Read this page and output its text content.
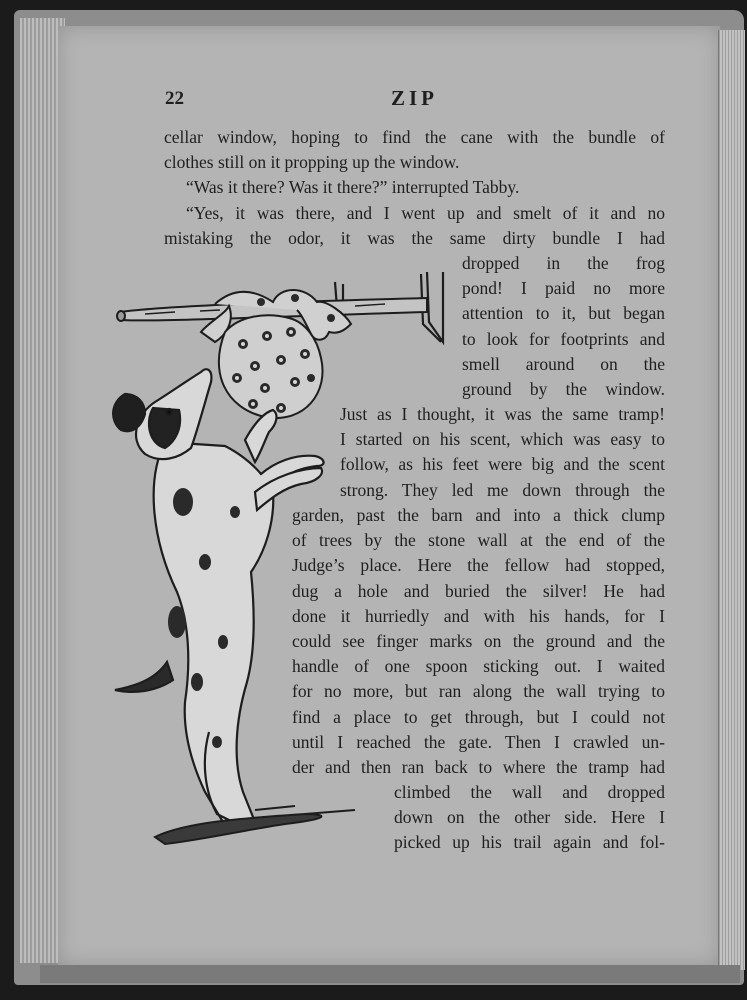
22	ZIP
cellar window, hoping to find the cane with the bundle of
clothes still on it propping up the window.
“Was it there? Was it there?” interrupted Tabby.
“Yes, it was there, and I went up and smelt of it and no
mistaking the odor, it was the same dirty bundle I had
dropped in the frog
pond! I paid no more
attention to it, but began
to look for footprints and
smell around on the
ground by the window.
Just as I thought, it was the same tramp!
I started on his scent, which was easy to
follow, as his feet were big and the scent
strong. They led me down through the
garden, past the barn and into a thick clump
of trees by the stone wall at the end of the
Judge’s place. Here the fellow had stopped,
dug a hole and buried the silver! He had
done it hurriedly and with his hands, for I
could see finger marks on the ground and the
handle of one spoon sticking out. I waited
for no more, but ran along the wall trying to
find a place to get through, but I could not
until I reached the gate. Then I crawled un-
der and then ran back to where the tramp had
climbed the wall and dropped
down on the other side. Here I
picked up his trail again and fol-
